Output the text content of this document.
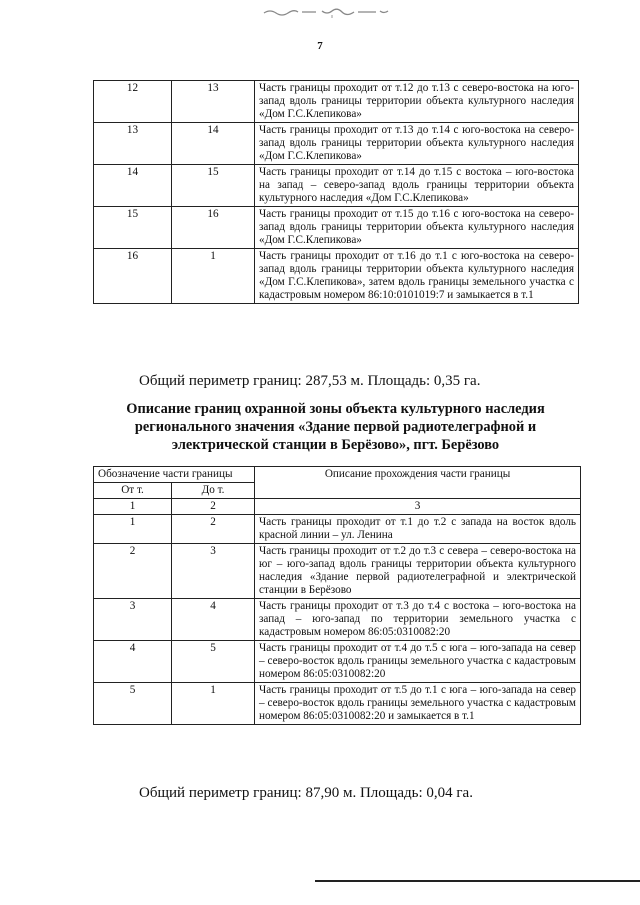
7
12	13	Часть границы проходит от т.12 до т.13 с северо-востока на юго-запад вдоль границы территории объекта культурного наследия «Дом Г.С.Клепикова»
13	14	Часть границы проходит от т.13 до т.14 с юго-востока на северо-запад вдоль границы территории объекта культурного наследия «Дом Г.С.Клепикова»
14	15	Часть границы проходит от т.14 до т.15 с востока – юго-востока на запад – северо-запад вдоль границы территории объекта культурного наследия «Дом Г.С.Клепикова»
15	16	Часть границы проходит от т.15 до т.16 с юго-востока на северо-запад вдоль границы территории объекта культурного наследия «Дом Г.С.Клепикова»
16	1	Часть границы проходит от т.16 до т.1 с юго-востока на северо-запад вдоль границы территории объекта культурного наследия «Дом Г.С.Клепикова», затем вдоль границы земельного участка с кадастровым номером 86:10:0101019:7 и замыкается в т.1
Общий периметр границ: 287,53 м. Площадь: 0,35 га.
Описание границ охранной зоны объекта культурного наследия
регионального значения «Здание первой радиотелеграфной и
электрической станции в Берёзово», пгт. Берёзово
Обозначение части границы		Описание прохождения части границы
От т.	До т.	
1	2	3
1	2	Часть границы проходит от т.1 до т.2 с запада на восток вдоль красной линии – ул. Ленина
2	3	Часть границы проходит от т.2 до т.3 с севера – северо-востока на юг – юго-запад вдоль границы территории объекта культурного наследия «Здание первой радиотелеграфной и электрической станции в Берёзово
3	4	Часть границы проходит от т.3 до т.4 с востока – юго-востока на запад – юго-запад по территории земельного участка с кадастровым номером 86:05:0310082:20
4	5	Часть границы проходит от т.4 до т.5 с юга – юго-запада на север – северо-восток вдоль границы земельного участка с кадастровым номером 86:05:0310082:20
5	1	Часть границы проходит от т.5 до т.1 с юга – юго-запада на север – северо-восток вдоль границы земельного участка с кадастровым номером 86:05:0310082:20 и замыкается в т.1
Общий периметр границ: 87,90 м. Площадь: 0,04 га.
